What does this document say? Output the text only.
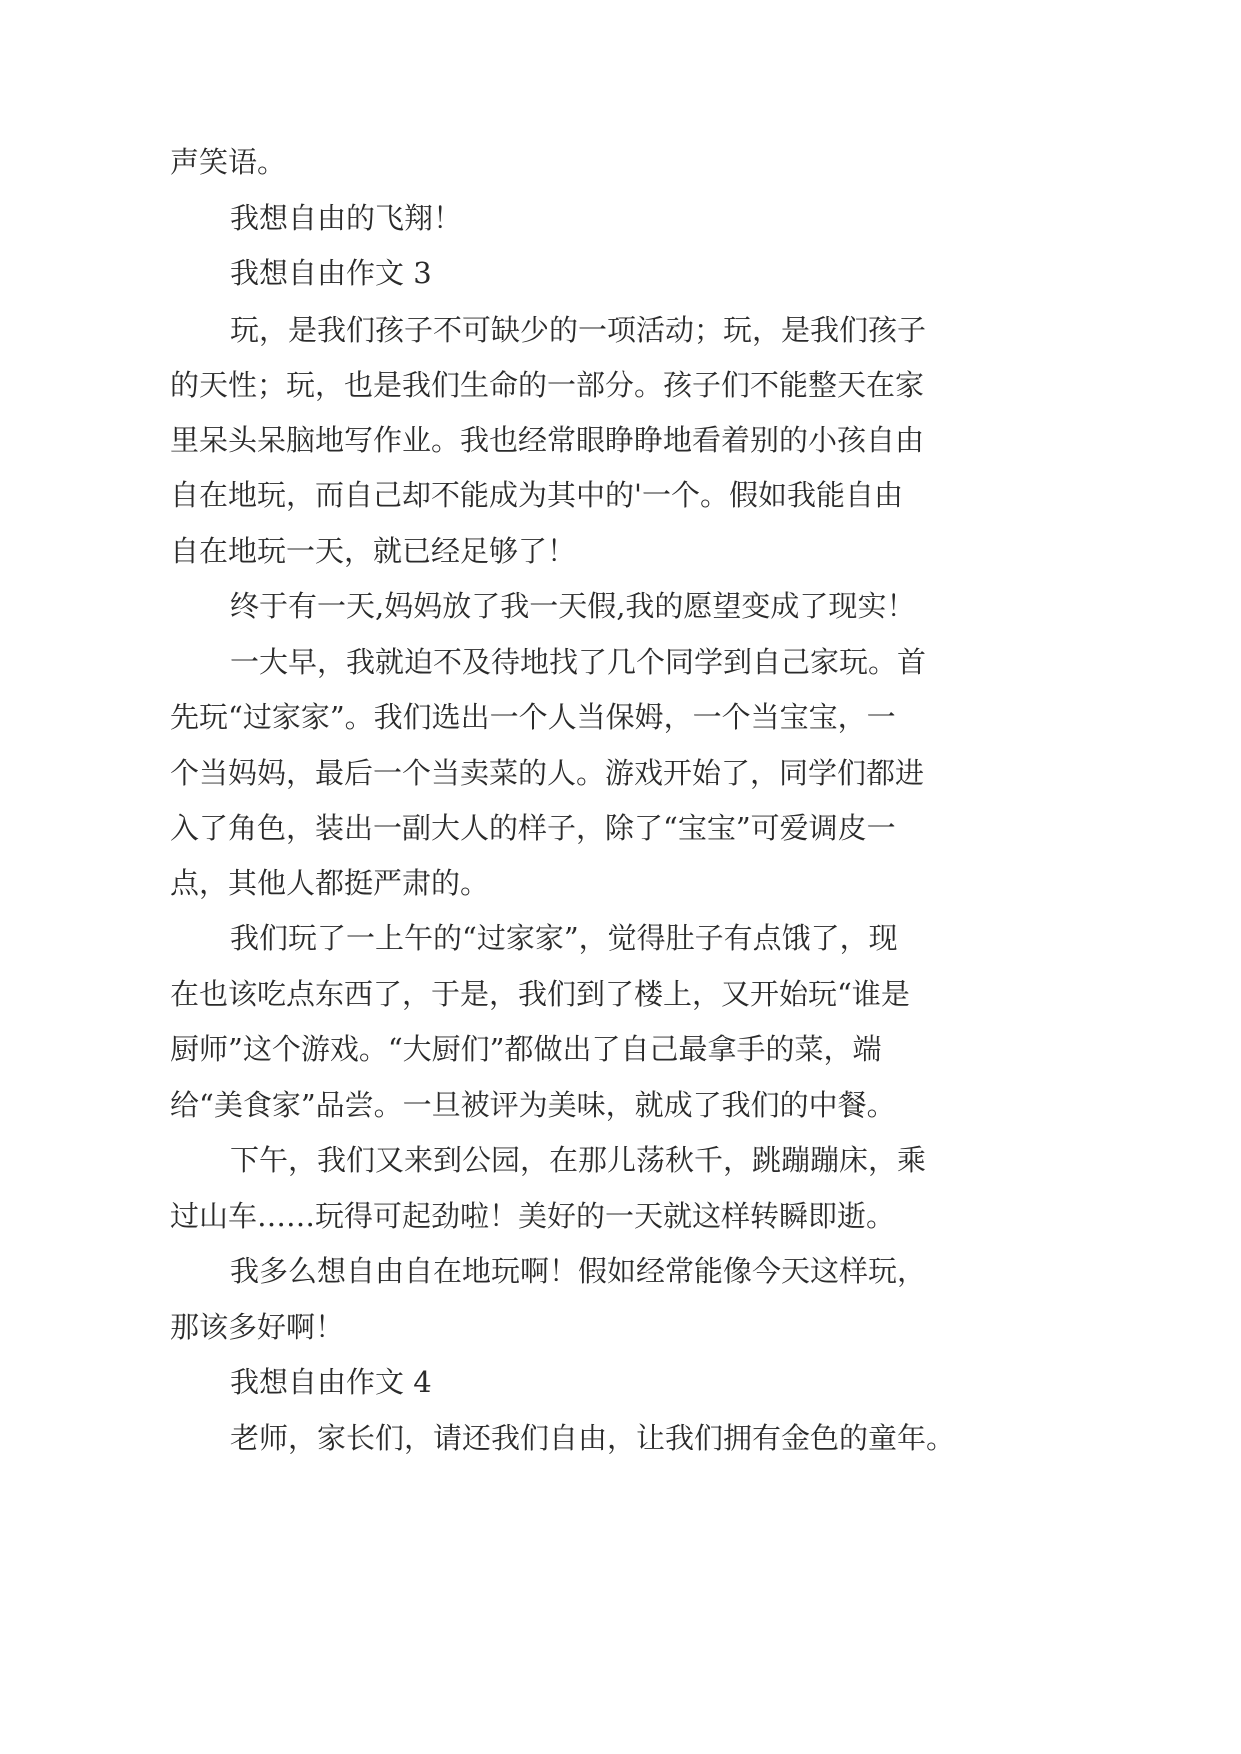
声笑语。
我想自由的飞翔！
我想自由作文 3
玩，是我们孩子不可缺少的一项活动；玩，是我们孩子
的天性；玩，也是我们生命的一部分。孩子们不能整天在家
里呆头呆脑地写作业。我也经常眼睁睁地看着别的小孩自由
自在地玩，而自己却不能成为其中的'一个。假如我能自由
自在地玩一天，就已经足够了！
终于有一天,妈妈放了我一天假,我的愿望变成了现实！
一大早，我就迫不及待地找了几个同学到自己家玩。首
先玩“过家家”。我们选出一个人当保姆，一个当宝宝，一
个当妈妈，最后一个当卖菜的人。游戏开始了，同学们都进
入了角色，装出一副大人的样子，除了“宝宝”可爱调皮一
点，其他人都挺严肃的。
我们玩了一上午的“过家家”，觉得肚子有点饿了，现
在也该吃点东西了，于是，我们到了楼上，又开始玩“谁是
厨师”这个游戏。“大厨们”都做出了自己最拿手的菜，端
给“美食家”品尝。一旦被评为美味，就成了我们的中餐。
下午，我们又来到公园，在那儿荡秋千，跳蹦蹦床，乘
过山车……玩得可起劲啦！美好的一天就这样转瞬即逝。
我多么想自由自在地玩啊！假如经常能像今天这样玩，
那该多好啊！
我想自由作文 4
老师，家长们，请还我们自由，让我们拥有金色的童年。
